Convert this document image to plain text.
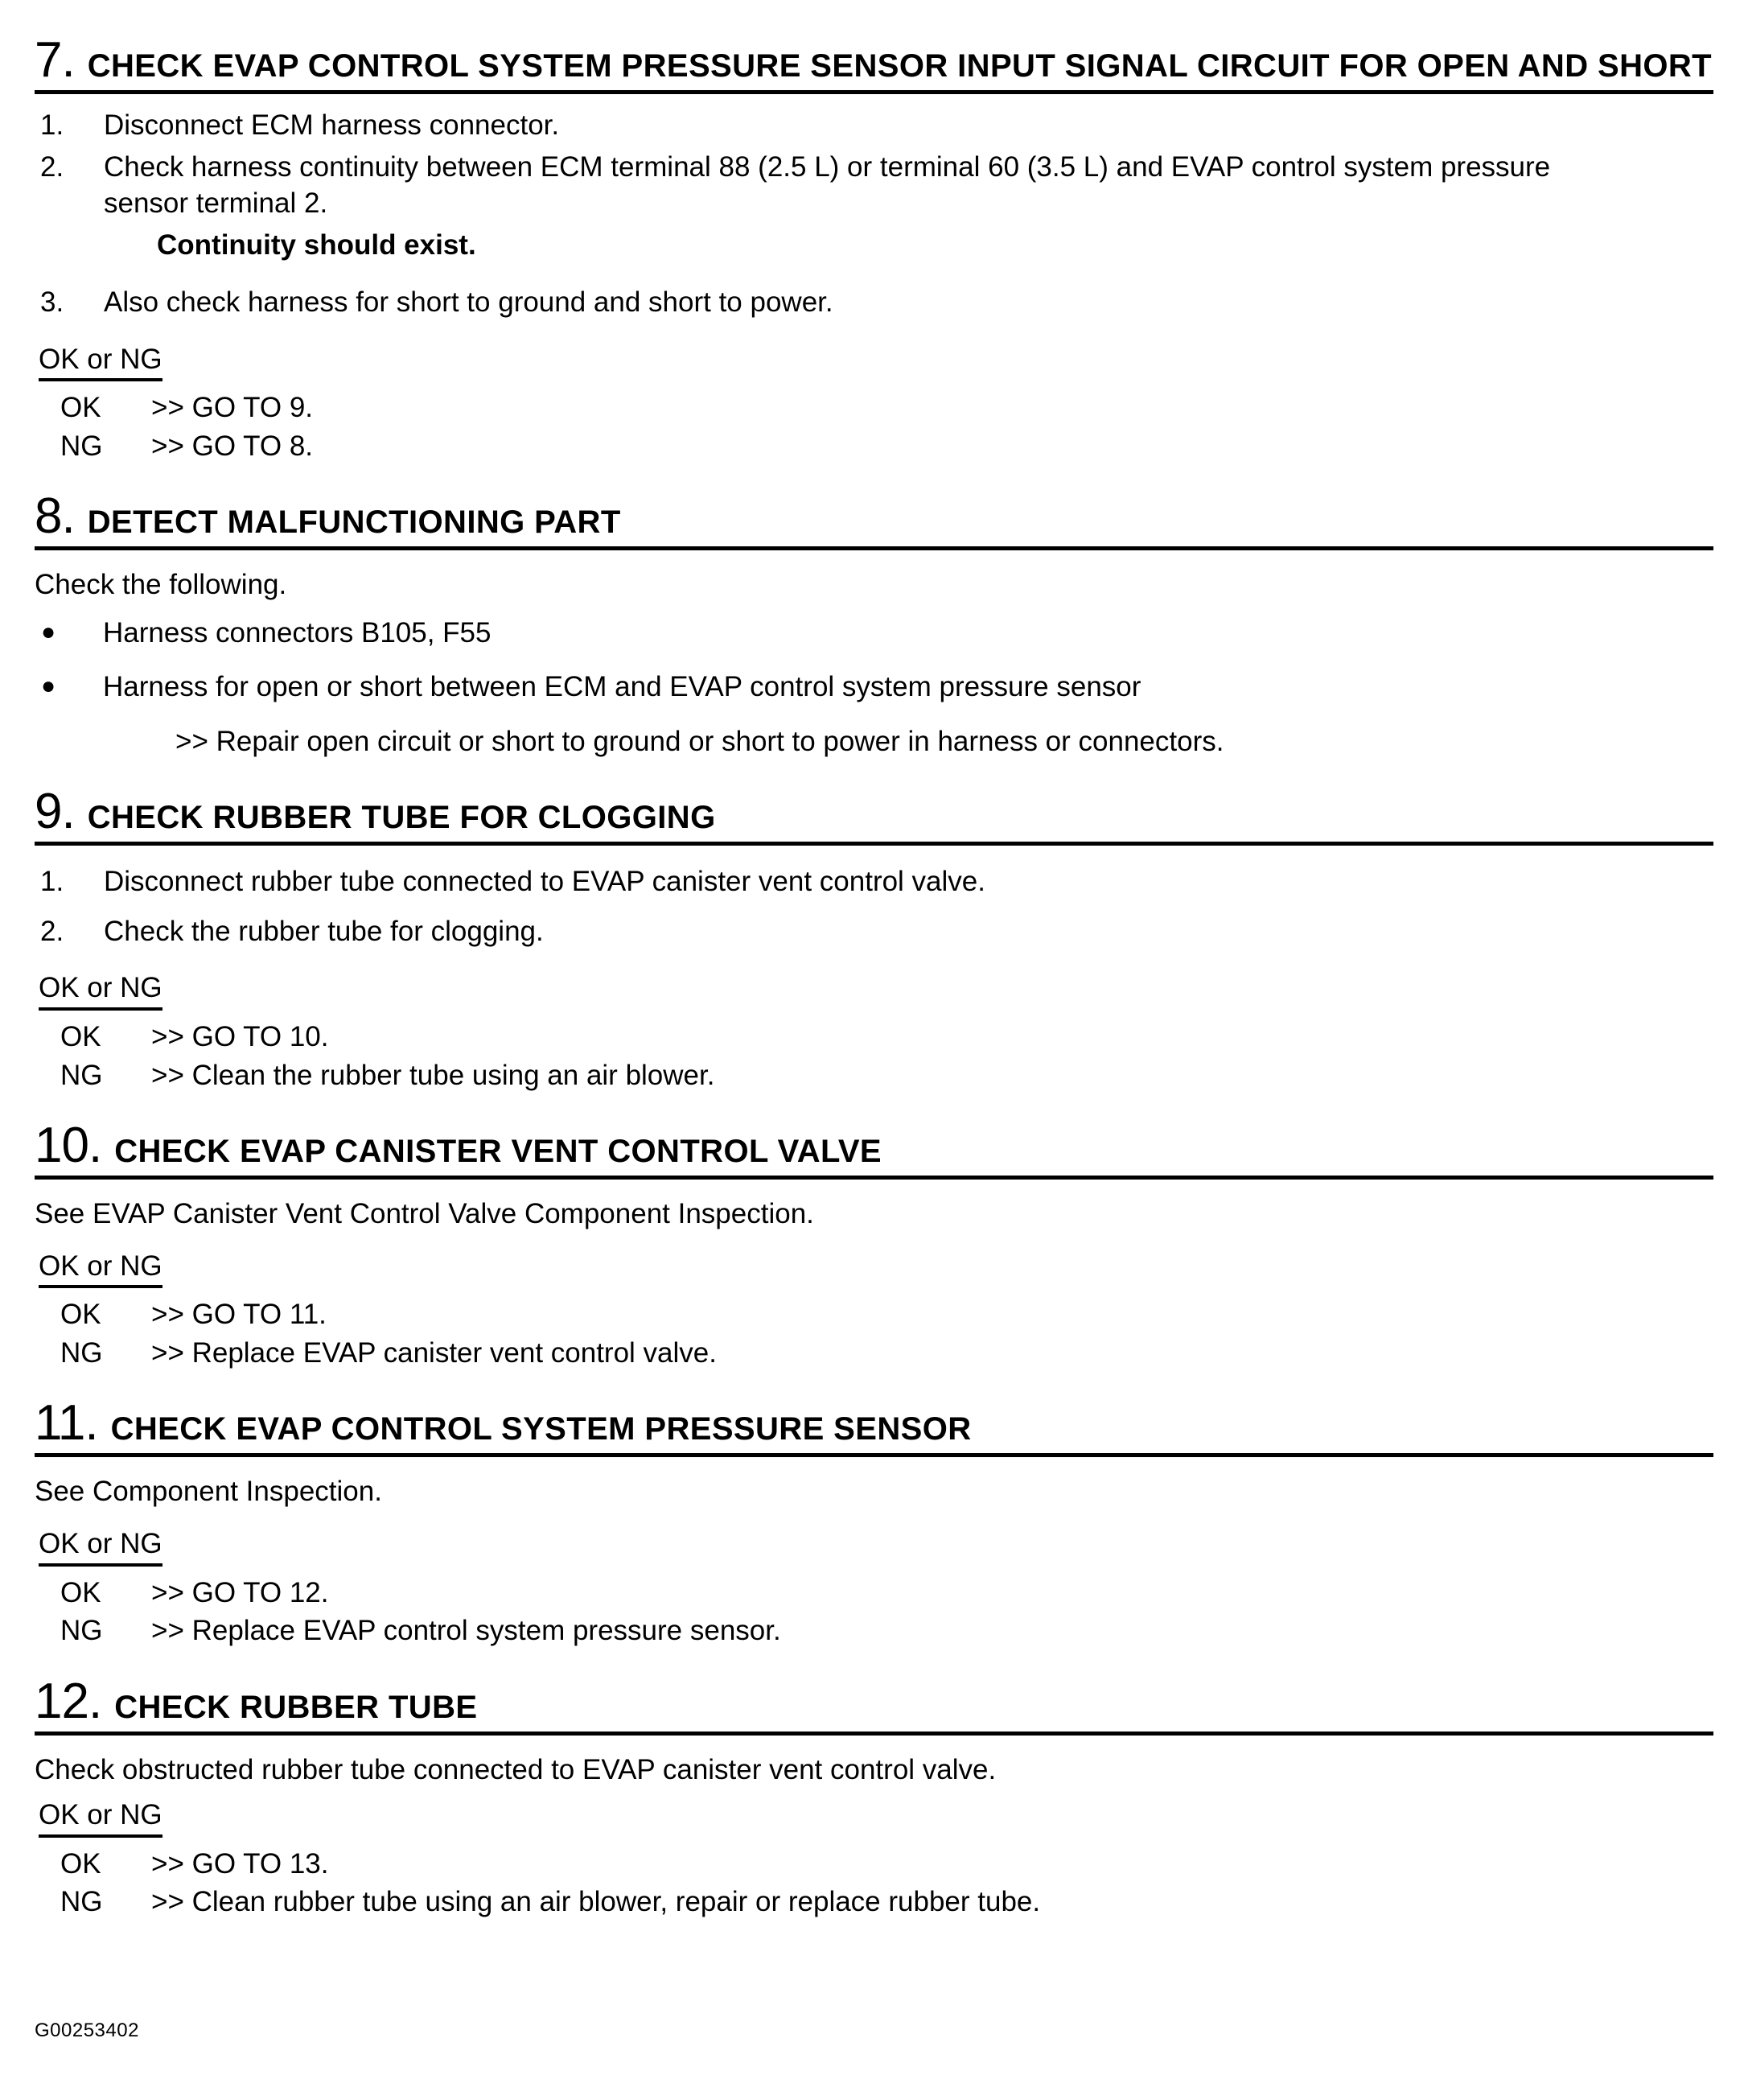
7. CHECK EVAP CONTROL SYSTEM PRESSURE SENSOR INPUT SIGNAL CIRCUIT FOR OPEN AND SHORT
1.	Disconnect ECM harness connector.
2.	Check harness continuity between ECM terminal 88 (2.5 L) or terminal 60 (3.5 L) and EVAP control system pressure sensor terminal 2.
Continuity should exist.
3.	Also check harness for short to ground and short to power.
OK or NG
OK	>> GO TO 9.
NG	>> GO TO 8.
8. DETECT MALFUNCTIONING PART
Check the following.
●	Harness connectors B105, F55
●	Harness for open or short between ECM and EVAP control system pressure sensor
>> Repair open circuit or short to ground or short to power in harness or connectors.
9. CHECK RUBBER TUBE FOR CLOGGING
1.	Disconnect rubber tube connected to EVAP canister vent control valve.
2.	Check the rubber tube for clogging.
OK or NG
OK	>> GO TO 10.
NG	>> Clean the rubber tube using an air blower.
10. CHECK EVAP CANISTER VENT CONTROL VALVE
See EVAP Canister Vent Control Valve Component Inspection.
OK or NG
OK	>> GO TO 11.
NG	>> Replace EVAP canister vent control valve.
11. CHECK EVAP CONTROL SYSTEM PRESSURE SENSOR
See Component Inspection.
OK or NG
OK	>> GO TO 12.
NG	>> Replace EVAP control system pressure sensor.
12. CHECK RUBBER TUBE
Check obstructed rubber tube connected to EVAP canister vent control valve.
OK or NG
OK	>> GO TO 13.
NG	>> Clean rubber tube using an air blower, repair or replace rubber tube.
G00253402
